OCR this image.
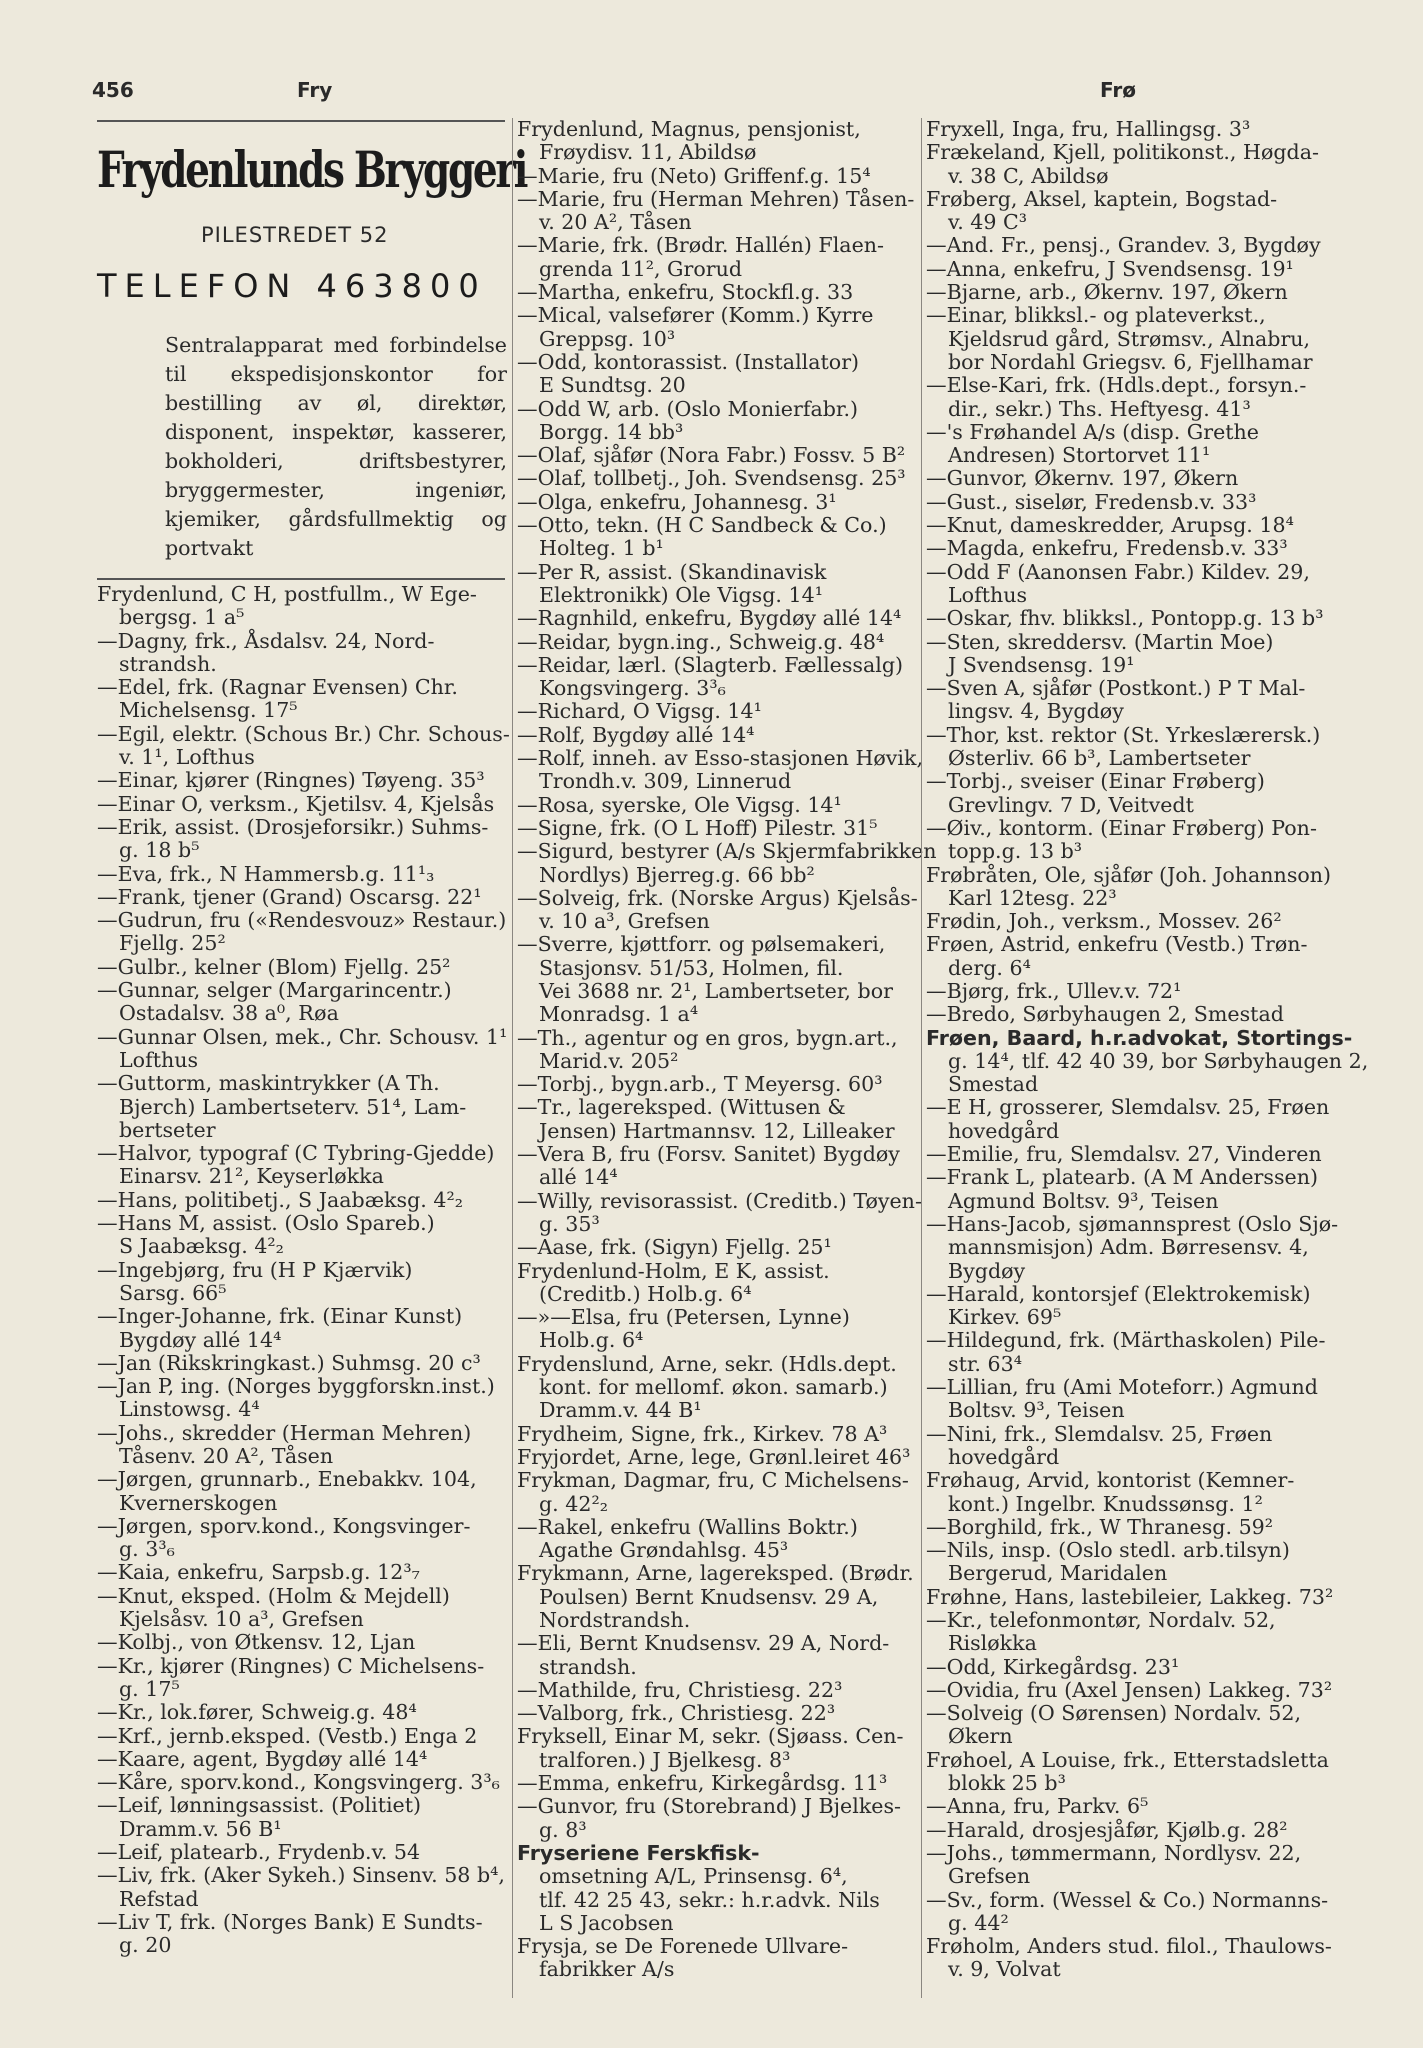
456	Fry	Frø
Frydenlunds Bryggeri
PILESTREDET 52
TELEFON 463800
Sentralapparat med forbindelse til ekspedisjonskontor for bestilling av øl, direktør, disponent, inspektør, kasserer, bokholderi, driftsbestyrer, bryggermester, ingeniør, kjemiker, gårdsfullmektig og portvakt
Frydenlund, C H, postfullm., W Ege-
bergsg. 1 a⁵
—Dagny, frk., Åsdalsv. 24, Nord-
strandsh.
—Edel, frk. (Ragnar Evensen) Chr.
Michelsensg. 17⁵
—Egil, elektr. (Schous Br.) Chr. Schous-
v. 1¹, Lofthus
—Einar, kjører (Ringnes) Tøyeng. 35³
—Einar O, verksm., Kjetilsv. 4, Kjelsås
—Erik, assist. (Drosjeforsikr.) Suhms-
g. 18 b⁵
—Eva, frk., N Hammersb.g. 11¹₃
—Frank, tjener (Grand) Oscarsg. 22¹
—Gudrun, fru («Rendesvouz» Restaur.)
Fjellg. 25²
—Gulbr., kelner (Blom) Fjellg. 25²
—Gunnar, selger (Margarincentr.)
Ostadalsv. 38 a⁰, Røa
—Gunnar Olsen, mek., Chr. Schousv. 1¹
Lofthus
—Guttorm, maskintrykker (A Th.
Bjerch) Lambertseterv. 51⁴, Lam-
bertseter
—Halvor, typograf (C Tybring-Gjedde)
Einarsv. 21², Keyserløkka
—Hans, politibetj., S Jaabæksg. 4²₂
—Hans M, assist. (Oslo Spareb.)
S Jaabæksg. 4²₂
—Ingebjørg, fru (H P Kjærvik)
Sarsg. 66⁵
—Inger-Johanne, frk. (Einar Kunst)
Bygdøy allé 14⁴
—Jan (Rikskringkast.) Suhmsg. 20 c³
—Jan P, ing. (Norges byggforskn.inst.)
Linstowsg. 4⁴
—Johs., skredder (Herman Mehren)
Tåsenv. 20 A², Tåsen
—Jørgen, grunnarb., Enebakkv. 104,
Kvernerskogen
—Jørgen, sporv.kond., Kongsvinger-
g. 3³₆
—Kaia, enkefru, Sarpsb.g. 12³₇
—Knut, eksped. (Holm & Mejdell)
Kjelsåsv. 10 a³, Grefsen
—Kolbj., von Øtkensv. 12, Ljan
—Kr., kjører (Ringnes) C Michelsens-
g. 17⁵
—Kr., lok.fører, Schweig.g. 48⁴
—Krf., jernb.eksped. (Vestb.) Enga 2
—Kaare, agent, Bygdøy allé 14⁴
—Kåre, sporv.kond., Kongsvingerg. 3³₆
—Leif, lønningsassist. (Politiet)
Dramm.v. 56 B¹
—Leif, platearb., Frydenb.v. 54
—Liv, frk. (Aker Sykeh.) Sinsenv. 58 b⁴,
Refstad
—Liv T, frk. (Norges Bank) E Sundts-
g. 20
Frydenlund, Magnus, pensjonist,
Frøydisv. 11, Abildsø
—Marie, fru (Neto) Griffenf.g. 15⁴
—Marie, fru (Herman Mehren) Tåsen-
v. 20 A², Tåsen
—Marie, frk. (Brødr. Hallén) Flaen-
grenda 11², Grorud
—Martha, enkefru, Stockfl.g. 33
—Mical, valsefører (Komm.) Kyrre
Greppsg. 10³
—Odd, kontorassist. (Installator)
E Sundtsg. 20
—Odd W, arb. (Oslo Monierfabr.)
Borgg. 14 bb³
—Olaf, sjåfør (Nora Fabr.) Fossv. 5 B²
—Olaf, tollbetj., Joh. Svendsensg. 25³
—Olga, enkefru, Johannesg. 3¹
—Otto, tekn. (H C Sandbeck & Co.)
Holteg. 1 b¹
—Per R, assist. (Skandinavisk
Elektronikk) Ole Vigsg. 14¹
—Ragnhild, enkefru, Bygdøy allé 14⁴
—Reidar, bygn.ing., Schweig.g. 48⁴
—Reidar, lærl. (Slagterb. Fællessalg)
Kongsvingerg. 3³₆
—Richard, O Vigsg. 14¹
—Rolf, Bygdøy allé 14⁴
—Rolf, inneh. av Esso-stasjonen Høvik,
Trondh.v. 309, Linnerud
—Rosa, syerske, Ole Vigsg. 14¹
—Signe, frk. (O L Hoff) Pilestr. 31⁵
—Sigurd, bestyrer (A/s Skjermfabrikken
Nordlys) Bjerreg.g. 66 bb²
—Solveig, frk. (Norske Argus) Kjelsås-
v. 10 a³, Grefsen
—Sverre, kjøttforr. og pølsemakeri,
Stasjonsv. 51/53, Holmen, fil.
Vei 3688 nr. 2¹, Lambertseter, bor
Monradsg. 1 a⁴
—Th., agentur og en gros, bygn.art.,
Marid.v. 205²
—Torbj., bygn.arb., T Meyersg. 60³
—Tr., lagereksped. (Wittusen &
Jensen) Hartmannsv. 12, Lilleaker
—Vera B, fru (Forsv. Sanitet) Bygdøy
allé 14⁴
—Willy, revisorassist. (Creditb.) Tøyen-
g. 35³
—Aase, frk. (Sigyn) Fjellg. 25¹
Frydenlund-Holm, E K, assist.
(Creditb.) Holb.g. 6⁴
—»—Elsa, fru (Petersen, Lynne)
Holb.g. 6⁴
Frydenslund, Arne, sekr. (Hdls.dept.
kont. for mellomf. økon. samarb.)
Dramm.v. 44 B¹
Frydheim, Signe, frk., Kirkev. 78 A³
Fryjordet, Arne, lege, Grønl.leiret 46³
Frykman, Dagmar, fru, C Michelsens-
g. 42²₂
—Rakel, enkefru (Wallins Boktr.)
Agathe Grøndahlsg. 45³
Frykmann, Arne, lagereksped. (Brødr.
Poulsen) Bernt Knudsensv. 29 A,
Nordstrandsh.
—Eli, Bernt Knudsensv. 29 A, Nord-
strandsh.
—Mathilde, fru, Christiesg. 22³
—Valborg, frk., Christiesg. 22³
Fryksell, Einar M, sekr. (Sjøass. Cen-
tralforen.) J Bjelkesg. 8³
—Emma, enkefru, Kirkegårdsg. 11³
—Gunvor, fru (Storebrand) J Bjelkes-
g. 8³
Fryseriene Ferskfisk-
omsetning A/L, Prinsensg. 6⁴,
tlf. 42 25 43, sekr.: h.r.advk. Nils
L S Jacobsen
Frysja, se De Forenede Ullvare-
fabrikker A/s
Fryxell, Inga, fru, Hallingsg. 3³
Frækeland, Kjell, politikonst., Høgda-
v. 38 C, Abildsø
Frøberg, Aksel, kaptein, Bogstad-
v. 49 C³
—And. Fr., pensj., Grandev. 3, Bygdøy
—Anna, enkefru, J Svendsensg. 19¹
—Bjarne, arb., Økernv. 197, Økern
—Einar, blikksl.- og plateverkst.,
Kjeldsrud gård, Strømsv., Alnabru,
bor Nordahl Griegsv. 6, Fjellhamar
—Else-Kari, frk. (Hdls.dept., forsyn.-
dir., sekr.) Ths. Heftyesg. 41³
—'s Frøhandel A/s (disp. Grethe
Andresen) Stortorvet 11¹
—Gunvor, Økernv. 197, Økern
—Gust., siselør, Fredensb.v. 33³
—Knut, dameskredder, Arupsg. 18⁴
—Magda, enkefru, Fredensb.v. 33³
—Odd F (Aanonsen Fabr.) Kildev. 29,
Lofthus
—Oskar, fhv. blikksl., Pontopp.g. 13 b³
—Sten, skreddersv. (Martin Moe)
J Svendsensg. 19¹
—Sven A, sjåfør (Postkont.) P T Mal-
lingsv. 4, Bygdøy
—Thor, kst. rektor (St. Yrkeslærersk.)
Østerliv. 66 b³, Lambertseter
—Torbj., sveiser (Einar Frøberg)
Grevlingv. 7 D, Veitvedt
—Øiv., kontorm. (Einar Frøberg) Pon-
topp.g. 13 b³
Frøbråten, Ole, sjåfør (Joh. Johannson)
Karl 12tesg. 22³
Frødin, Joh., verksm., Mossev. 26²
Frøen, Astrid, enkefru (Vestb.) Trøn-
derg. 6⁴
—Bjørg, frk., Ullev.v. 72¹
—Bredo, Sørbyhaugen 2, Smestad
Frøen, Baard, h.r.advokat, Stortings-
g. 14⁴, tlf. 42 40 39, bor Sørbyhaugen 2,
Smestad
—E H, grosserer, Slemdalsv. 25, Frøen
hovedgård
—Emilie, fru, Slemdalsv. 27, Vinderen
—Frank L, platearb. (A M Anderssen)
Agmund Boltsv. 9³, Teisen
—Hans-Jacob, sjømannsprest (Oslo Sjø-
mannsmisjon) Adm. Børresensv. 4,
Bygdøy
—Harald, kontorsjef (Elektrokemisk)
Kirkev. 69⁵
—Hildegund, frk. (Märthaskolen) Pile-
str. 63⁴
—Lillian, fru (Ami Moteforr.) Agmund
Boltsv. 9³, Teisen
—Nini, frk., Slemdalsv. 25, Frøen
hovedgård
Frøhaug, Arvid, kontorist (Kemner-
kont.) Ingelbr. Knudssønsg. 1²
—Borghild, frk., W Thranesg. 59²
—Nils, insp. (Oslo stedl. arb.tilsyn)
Bergerud, Maridalen
Frøhne, Hans, lastebileier, Lakkeg. 73²
—Kr., telefonmontør, Nordalv. 52,
Risløkka
—Odd, Kirkegårdsg. 23¹
—Ovidia, fru (Axel Jensen) Lakkeg. 73²
—Solveig (O Sørensen) Nordalv. 52,
Økern
Frøhoel, A Louise, frk., Etterstadsletta
blokk 25 b³
—Anna, fru, Parkv. 6⁵
—Harald, drosjesjåfør, Kjølb.g. 28²
—Johs., tømmermann, Nordlysv. 22,
Grefsen
—Sv., form. (Wessel & Co.) Normanns-
g. 44²
Frøholm, Anders stud. filol., Thaulows-
v. 9, Volvat
